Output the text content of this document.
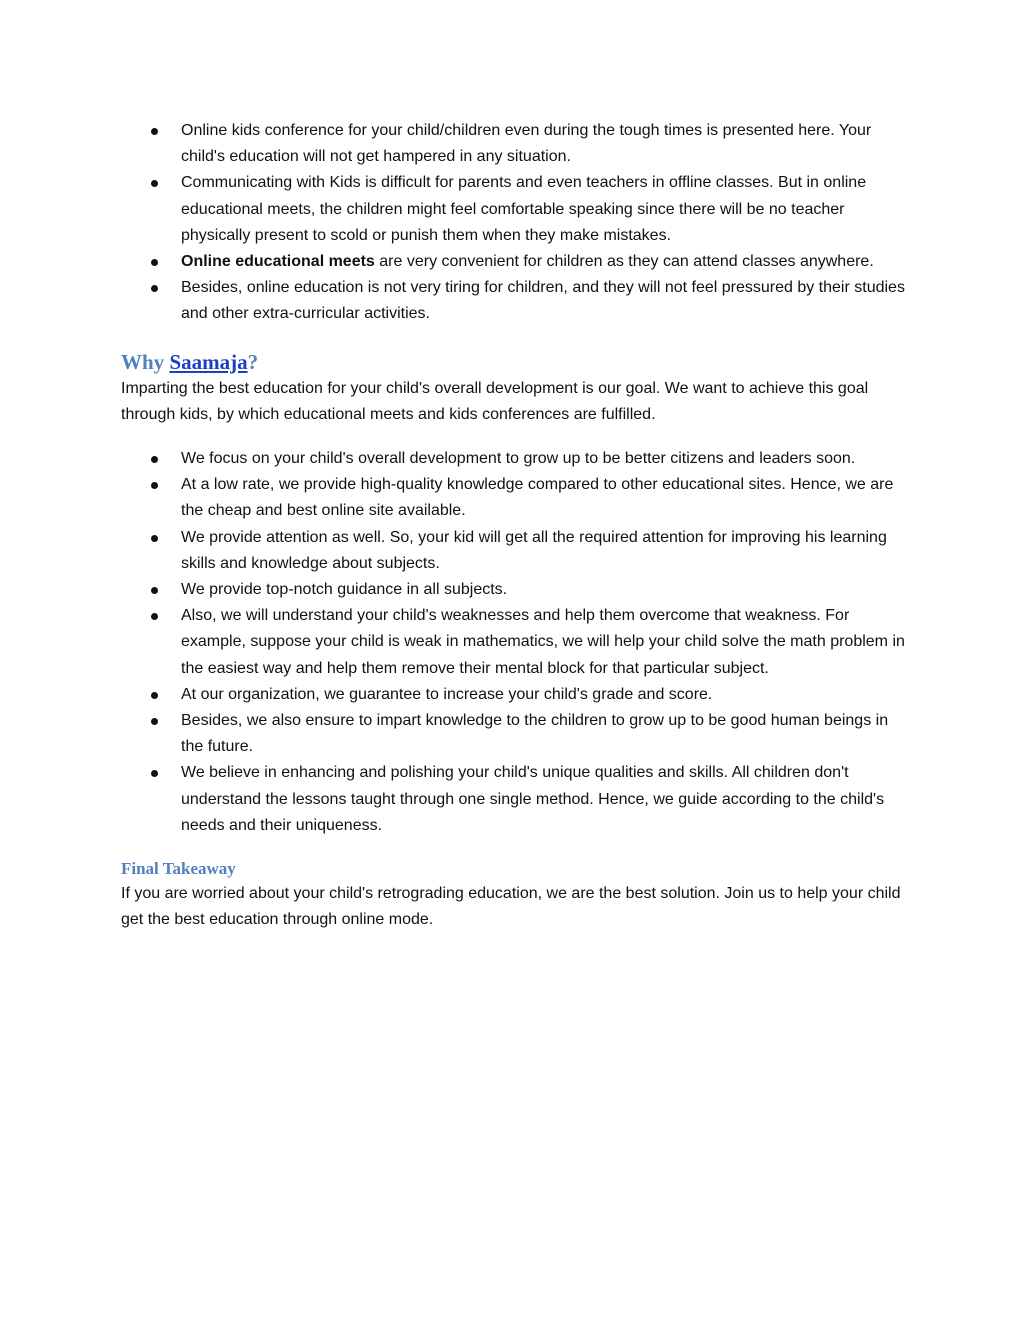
Online kids conference for your child/children even during the tough times is presented here. Your child's education will not get hampered in any situation.
Communicating with Kids is difficult for parents and even teachers in offline classes. But in online educational meets, the children might feel comfortable speaking since there will be no teacher physically present to scold or punish them when they make mistakes.
Online educational meets are very convenient for children as they can attend classes anywhere.
Besides, online education is not very tiring for children, and they will not feel pressured by their studies and other extra-curricular activities.
Why Saamaja?

Imparting the best education for your child's overall development is our goal. We want to achieve this goal through kids, by which educational meets and kids conferences are fulfilled.

We focus on your child's overall development to grow up to be better citizens and leaders soon.
At a low rate, we provide high-quality knowledge compared to other educational sites. Hence, we are the cheap and best online site available.
We provide attention as well. So, your kid will get all the required attention for improving his learning skills and knowledge about subjects.
We provide top-notch guidance in all subjects.
Also, we will understand your child's weaknesses and help them overcome that weakness. For example, suppose your child is weak in mathematics, we will help your child solve the math problem in the easiest way and help them remove their mental block for that particular subject.
At our organization, we guarantee to increase your child's grade and score.
Besides, we also ensure to impart knowledge to the children to grow up to be good human beings in the future.
We believe in enhancing and polishing your child's unique qualities and skills. All children don't understand the lessons taught through one single method. Hence, we guide according to the child's needs and their uniqueness.
Final Takeaway

If you are worried about your child's retrograding education, we are the best solution. Join us to help your child get the best education through online mode.
